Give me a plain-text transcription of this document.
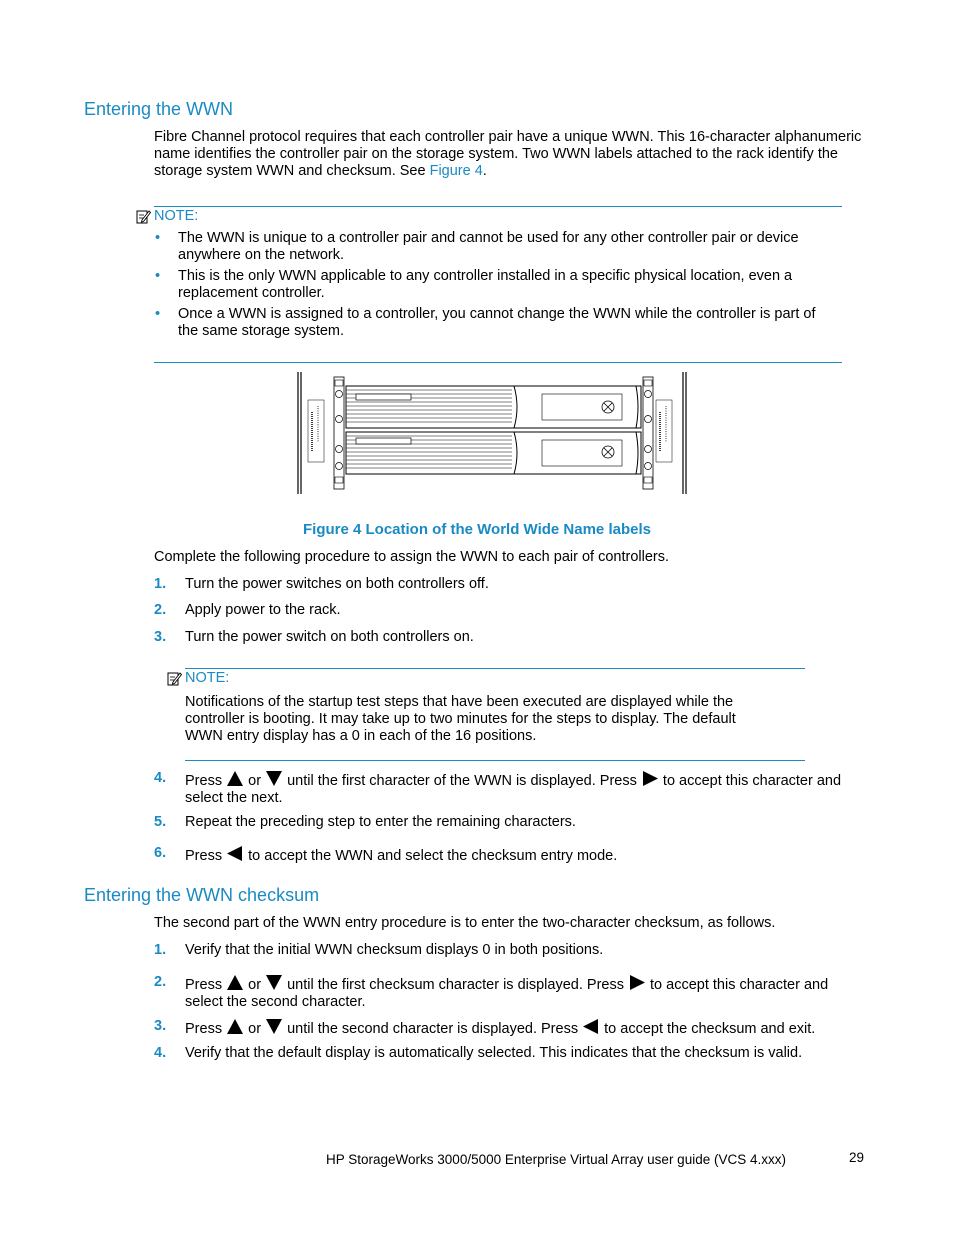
Entering the WWN
Fibre Channel protocol requires that each controller pair have a unique WWN. This 16-character alphanumeric name identifies the controller pair on the storage system. Two WWN labels attached to the rack identify the storage system WWN and checksum. See Figure 4.
NOTE:
• The WWN is unique to a controller pair and cannot be used for any other controller pair or device anywhere on the network.
• This is the only WWN applicable to any controller installed in a specific physical location, even a replacement controller.
• Once a WWN is assigned to a controller, you cannot change the WWN while the controller is part of the same storage system.
Figure 4 Location of the World Wide Name labels
Complete the following procedure to assign the WWN to each pair of controllers.
1. Turn the power switches on both controllers off.
2. Apply power to the rack.
3. Turn the power switch on both controllers on.
NOTE:
Notifications of the startup test steps that have been executed are displayed while the controller is booting. It may take up to two minutes for the steps to display. The default WWN entry display has a 0 in each of the 16 positions.
4. Press or until the first character of the WWN is displayed. Press to accept this character and select the next.
5. Repeat the preceding step to enter the remaining characters.
6. Press to accept the WWN and select the checksum entry mode.
Entering the WWN checksum
The second part of the WWN entry procedure is to enter the two-character checksum, as follows.
1. Verify that the initial WWN checksum displays 0 in both positions.
2. Press or until the first checksum character is displayed. Press to accept this character and select the second character.
3. Press or until the second character is displayed. Press to accept the checksum and exit.
4. Verify that the default display is automatically selected. This indicates that the checksum is valid.
HP StorageWorks 3000/5000 Enterprise Virtual Array user guide (VCS 4.xxx)	29
